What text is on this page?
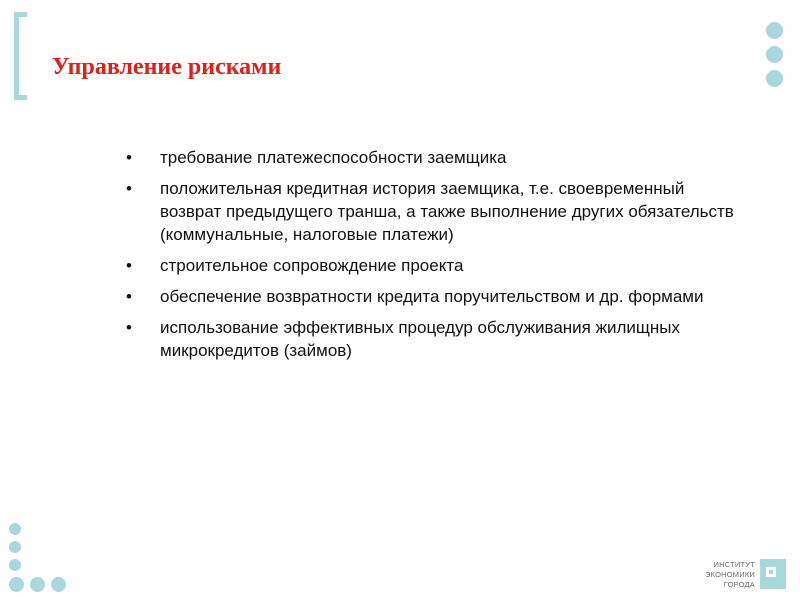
Управление рисками
• требование платежеспособности заемщика
• положительная кредитная история заемщика, т.е. своевременный возврат предыдущего транша, а также выполнение других обязательств (коммунальные, налоговые платежи)
• строительное сопровождение проекта
• обеспечение возвратности кредита поручительством и др. формами
• использование эффективных процедур обслуживания жилищных микрокредитов (займов)
ИНСТИТУТ
ЭКОНОМИКИ
ГОРОДА
